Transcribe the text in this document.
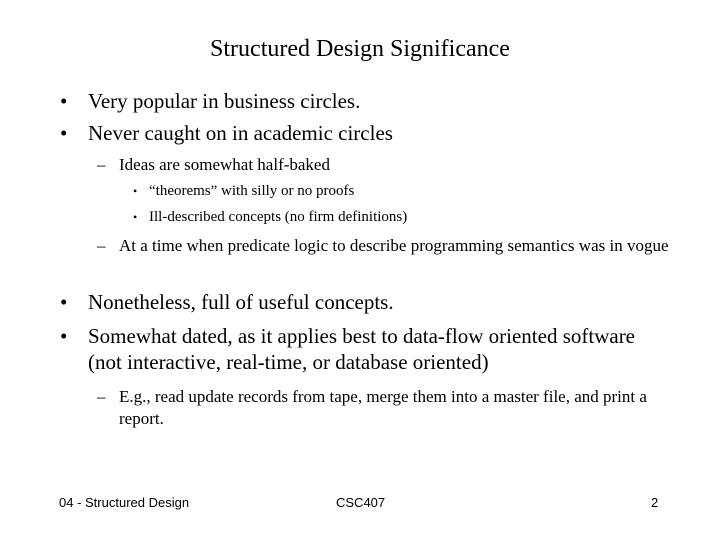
Structured Design Significance
• Very popular in business circles.
• Never caught on in academic circles
– Ideas are somewhat half-baked
• “theorems” with silly or no proofs
• Ill-described concepts (no firm definitions)
– At a time when predicate logic to describe programming semantics was in vogue
• Nonetheless, full of useful concepts.
• Somewhat dated, as it applies best to data-flow oriented software (not interactive, real-time, or database oriented)
– E.g., read update records from tape, merge them into a master file, and print a report.
04 - Structured Design	CSC407	2
